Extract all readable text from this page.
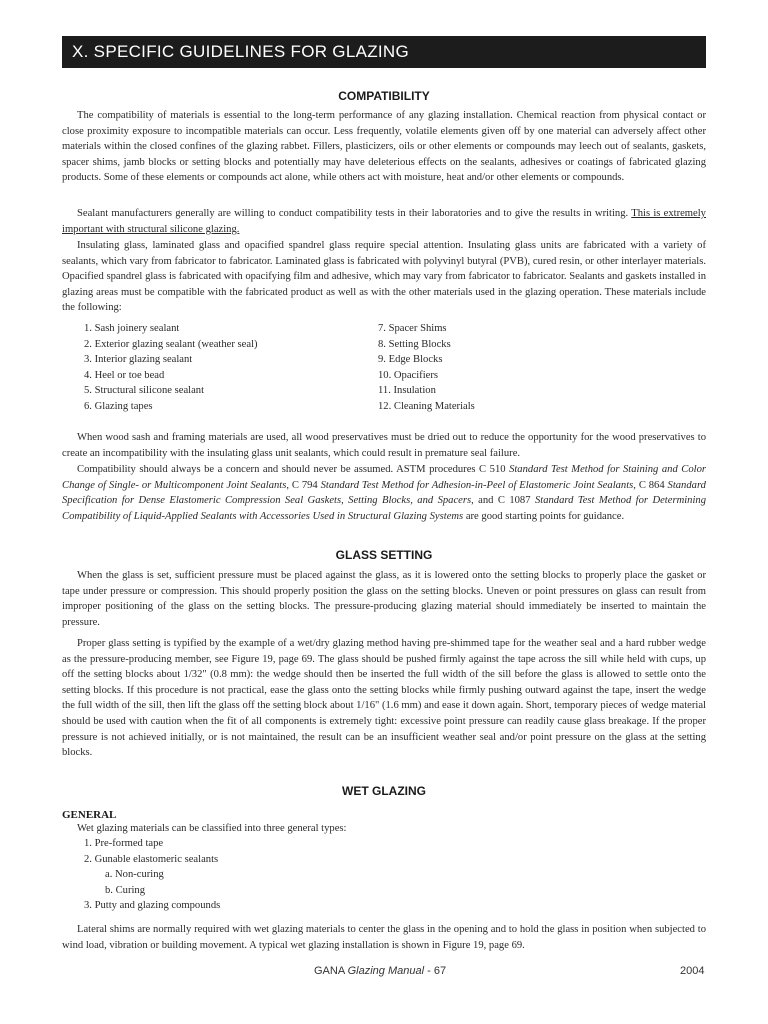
X. SPECIFIC GUIDELINES FOR GLAZING

COMPATIBILITY

The compatibility of materials is essential to the long-term performance of any glazing installation. Chemical reaction from physical contact or close proximity exposure to incompatible materials can occur. Less frequently, volatile elements given off by one material can adversely affect other materials within the closed confines of the glazing rabbet. Fillers, plasticizers, oils or other elements or compounds may leech out of sealants, gaskets, spacer shims, jamb blocks or setting blocks and potentially may have deleterious effects on the sealants, adhesives or coatings of fabricated glazing products. Some of these elements or compounds act alone, while others act with moisture, heat and/or other elements or compounds.

Sealant manufacturers generally are willing to conduct compatibility tests in their laboratories and to give the results in writing. This is extremely important with structural silicone glazing.

Insulating glass, laminated glass and opacified spandrel glass require special attention. Insulating glass units are fabricated with a variety of sealants, which vary from fabricator to fabricator. Laminated glass is fabricated with polyvinyl butyral (PVB), cured resin, or other interlayer materials. Opacified spandrel glass is fabricated with opacifying film and adhesive, which may vary from fabricator to fabricator. Sealants and gaskets installed in glazing areas must be compatible with the fabricated product as well as with the other materials used in the glazing operation. These materials include the following:

1. Sash joinery sealant
2. Exterior glazing sealant (weather seal)
3. Interior glazing sealant
4. Heel or toe bead
5. Structural silicone sealant
6. Glazing tapes
7. Spacer Shims
8. Setting Blocks
9. Edge Blocks
10. Opacifiers
11. Insulation
12. Cleaning Materials

When wood sash and framing materials are used, all wood preservatives must be dried out to reduce the opportunity for the wood preservatives to create an incompatibility with the insulating glass unit sealants, which could result in premature seal failure.

Compatibility should always be a concern and should never be assumed. ASTM procedures C 510 Standard Test Method for Staining and Color Change of Single- or Multicomponent Joint Sealants, C 794 Standard Test Method for Adhesion-in-Peel of Elastomeric Joint Sealants, C 864 Standard Specification for Dense Elastomeric Compression Seal Gaskets, Setting Blocks, and Spacers, and C 1087 Standard Test Method for Determining Compatibility of Liquid-Applied Sealants with Accessories Used in Structural Glazing Systems are good starting points for guidance.

GLASS SETTING

When the glass is set, sufficient pressure must be placed against the glass, as it is lowered onto the setting blocks to properly place the gasket or tape under pressure or compression. This should properly position the glass on the setting blocks. Uneven or point pressures on glass can result from improper positioning of the glass on the setting blocks. The pressure-producing glazing material should immediately be inserted to maintain the pressure.

Proper glass setting is typified by the example of a wet/dry glazing method having pre-shimmed tape for the weather seal and a hard rubber wedge as the pressure-producing member, see Figure 19, page 69. The glass should be pushed firmly against the tape across the sill while held with cups, up off the setting blocks about 1/32" (0.8 mm): the wedge should then be inserted the full width of the sill before the glass is allowed to settle onto the setting blocks. If this procedure is not practical, ease the glass onto the setting blocks while firmly pushing outward against the tape, insert the wedge the full width of the sill, then lift the glass off the setting block about 1/16" (1.6 mm) and ease it down again. Short, temporary pieces of wedge material should be used with caution when the fit of all components is extremely tight: excessive point pressure can readily cause glass breakage. If the proper pressure is not achieved initially, or is not maintained, the result can be an insufficient weather seal and/or point pressure on the glass at the setting blocks.

WET GLAZING

GENERAL

Wet glazing materials can be classified into three general types:

1. Pre-formed tape
2. Gunable elastomeric sealants
a. Non-curing
b. Curing
3. Putty and glazing compounds

Lateral shims are normally required with wet glazing materials to center the glass in the opening and to hold the glass in position when subjected to wind load, vibration or building movement. A typical wet glazing installation is shown in Figure 19, page 69.

GANA Glazing Manual - 67	2004
